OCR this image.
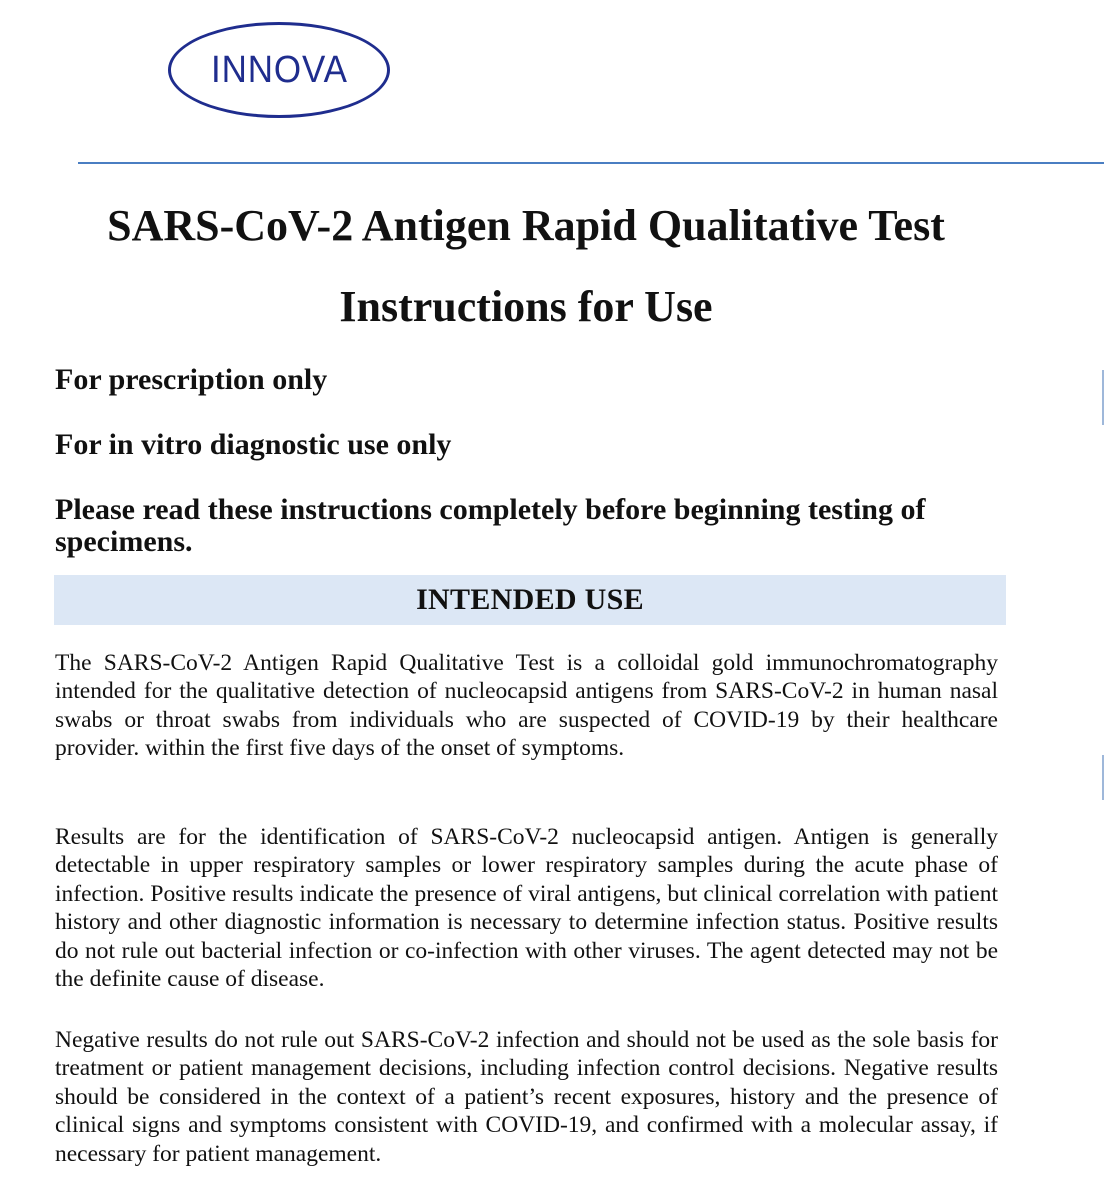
INNOVA
SARS-CoV-2 Antigen Rapid Qualitative Test
Instructions for Use

For prescription only

For in vitro diagnostic use only

Please read these instructions completely before beginning testing of specimens.

INTENDED USE

The SARS-CoV-2 Antigen Rapid Qualitative Test is a colloidal gold immunochromatography intended for the qualitative detection of nucleocapsid antigens from SARS-CoV-2 in human nasal swabs or throat swabs from individuals who are suspected of COVID-19 by their healthcare provider. within the first five days of the onset of symptoms.

Results are for the identification of SARS-CoV-2 nucleocapsid antigen. Antigen is generally detectable in upper respiratory samples or lower respiratory samples during the acute phase of infection. Positive results indicate the presence of viral antigens, but clinical correlation with patient history and other diagnostic information is necessary to determine infection status. Positive results do not rule out bacterial infection or co-infection with other viruses. The agent detected may not be the definite cause of disease.

Negative results do not rule out SARS-CoV-2 infection and should not be used as the sole basis for treatment or patient management decisions, including infection control decisions. Negative results should be considered in the context of a patient’s recent exposures, history and the presence of clinical signs and symptoms consistent with COVID-19, and confirmed with a molecular assay, if necessary for patient management.
